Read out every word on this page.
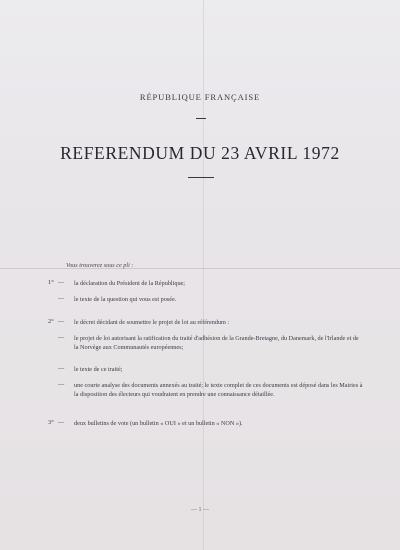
RÉPUBLIQUE FRANÇAISE
REFERENDUM DU 23 AVRIL 1972
Vous trouverez sous ce pli :
1° — la déclaration du Président de la République;
— le texte de la question qui vous est posée.
2° — le décret décidant de soumettre le projet de loi au référendum :
— le projet de loi autorisant la ratification du traité d'adhésion de la Grande-Bretagne, du Danemark, de l'Irlande et de la Norvège aux Communautés européennes;
— le texte de ce traité;
— une courte analyse des documents annexés au traité; le texte complet de ces documents est déposé dans les Mairies à la disposition des électeurs qui voudraient en prendre une connaissance détaillée.
3° — deux bulletins de vote (un bulletin « OUI » et un bulletin « NON »).
— 1 —
